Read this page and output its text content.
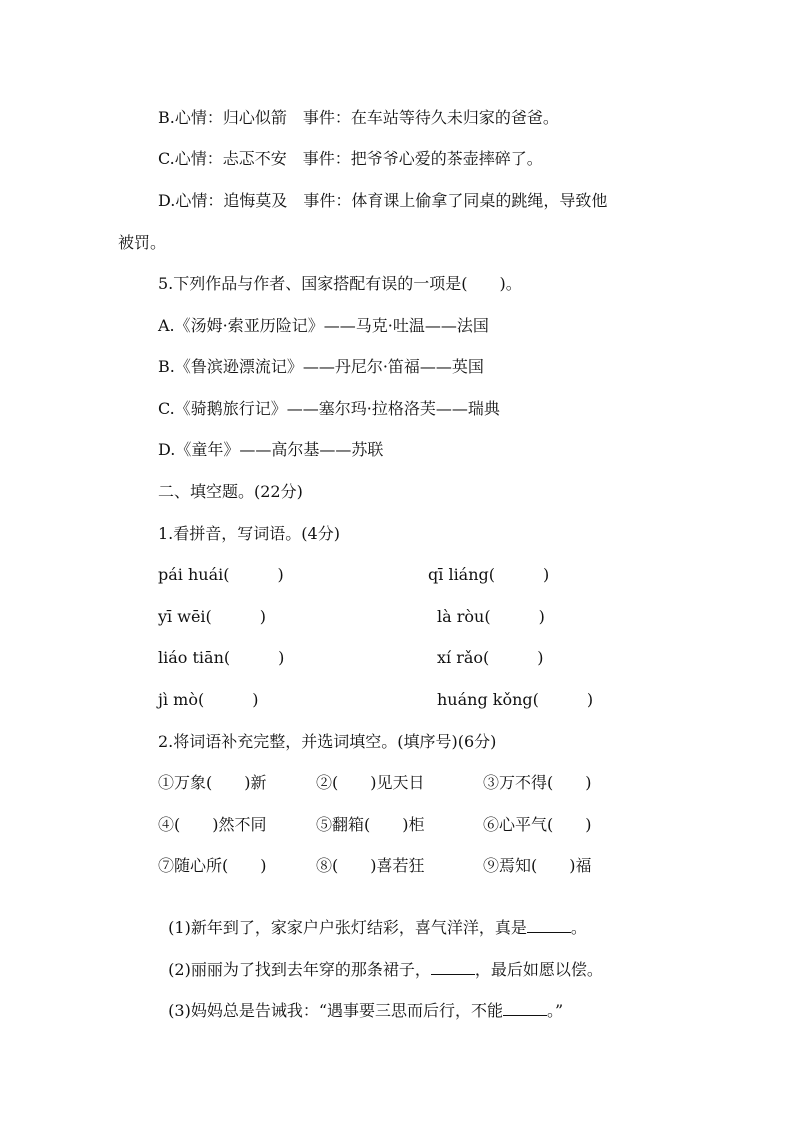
B.心情：归心似箭　事件：在车站等待久未归家的爸爸。
C.心情：忐忑不安　事件：把爷爷心爱的茶壶摔碎了。
D.心情：追悔莫及　事件：体育课上偷拿了同桌的跳绳，导致他
被罚。
5.下列作品与作者、国家搭配有误的一项是(　　)。
A.《汤姆·索亚历险记》——马克·吐温——法国
B.《鲁滨逊漂流记》——丹尼尔·笛福——英国
C.《骑鹅旅行记》——塞尔玛·拉格洛芙——瑞典
D.《童年》——高尔基——苏联
二、填空题。(22分)
1.看拼音，写词语。(4分)
pái huái(　　　)	qī liáng(　　　)
yī wēi(　　　)	là ròu(　　　)
liáo tiān(　　　)	xí rǎo(　　　)
jì mò(　　　)	huáng kǒng(　　　)
2.将词语补充完整，并选词填空。(填序号)(6分)
①万象(　　)新	②(　　)见天日	③万不得(　　)
④(　　)然不同	⑤翻箱(　　)柜	⑥心平气(　　)
⑦随心所(　　)	⑧(　　)喜若狂	⑨焉知(　　)福

(1)新年到了，家家户户张灯结彩，喜气洋洋，真是	。

(2)丽丽为了找到去年穿的那条裙子，	，最后如愿以偿。

(3)妈妈总是告诫我：“遇事要三思而后行，不能	。”
